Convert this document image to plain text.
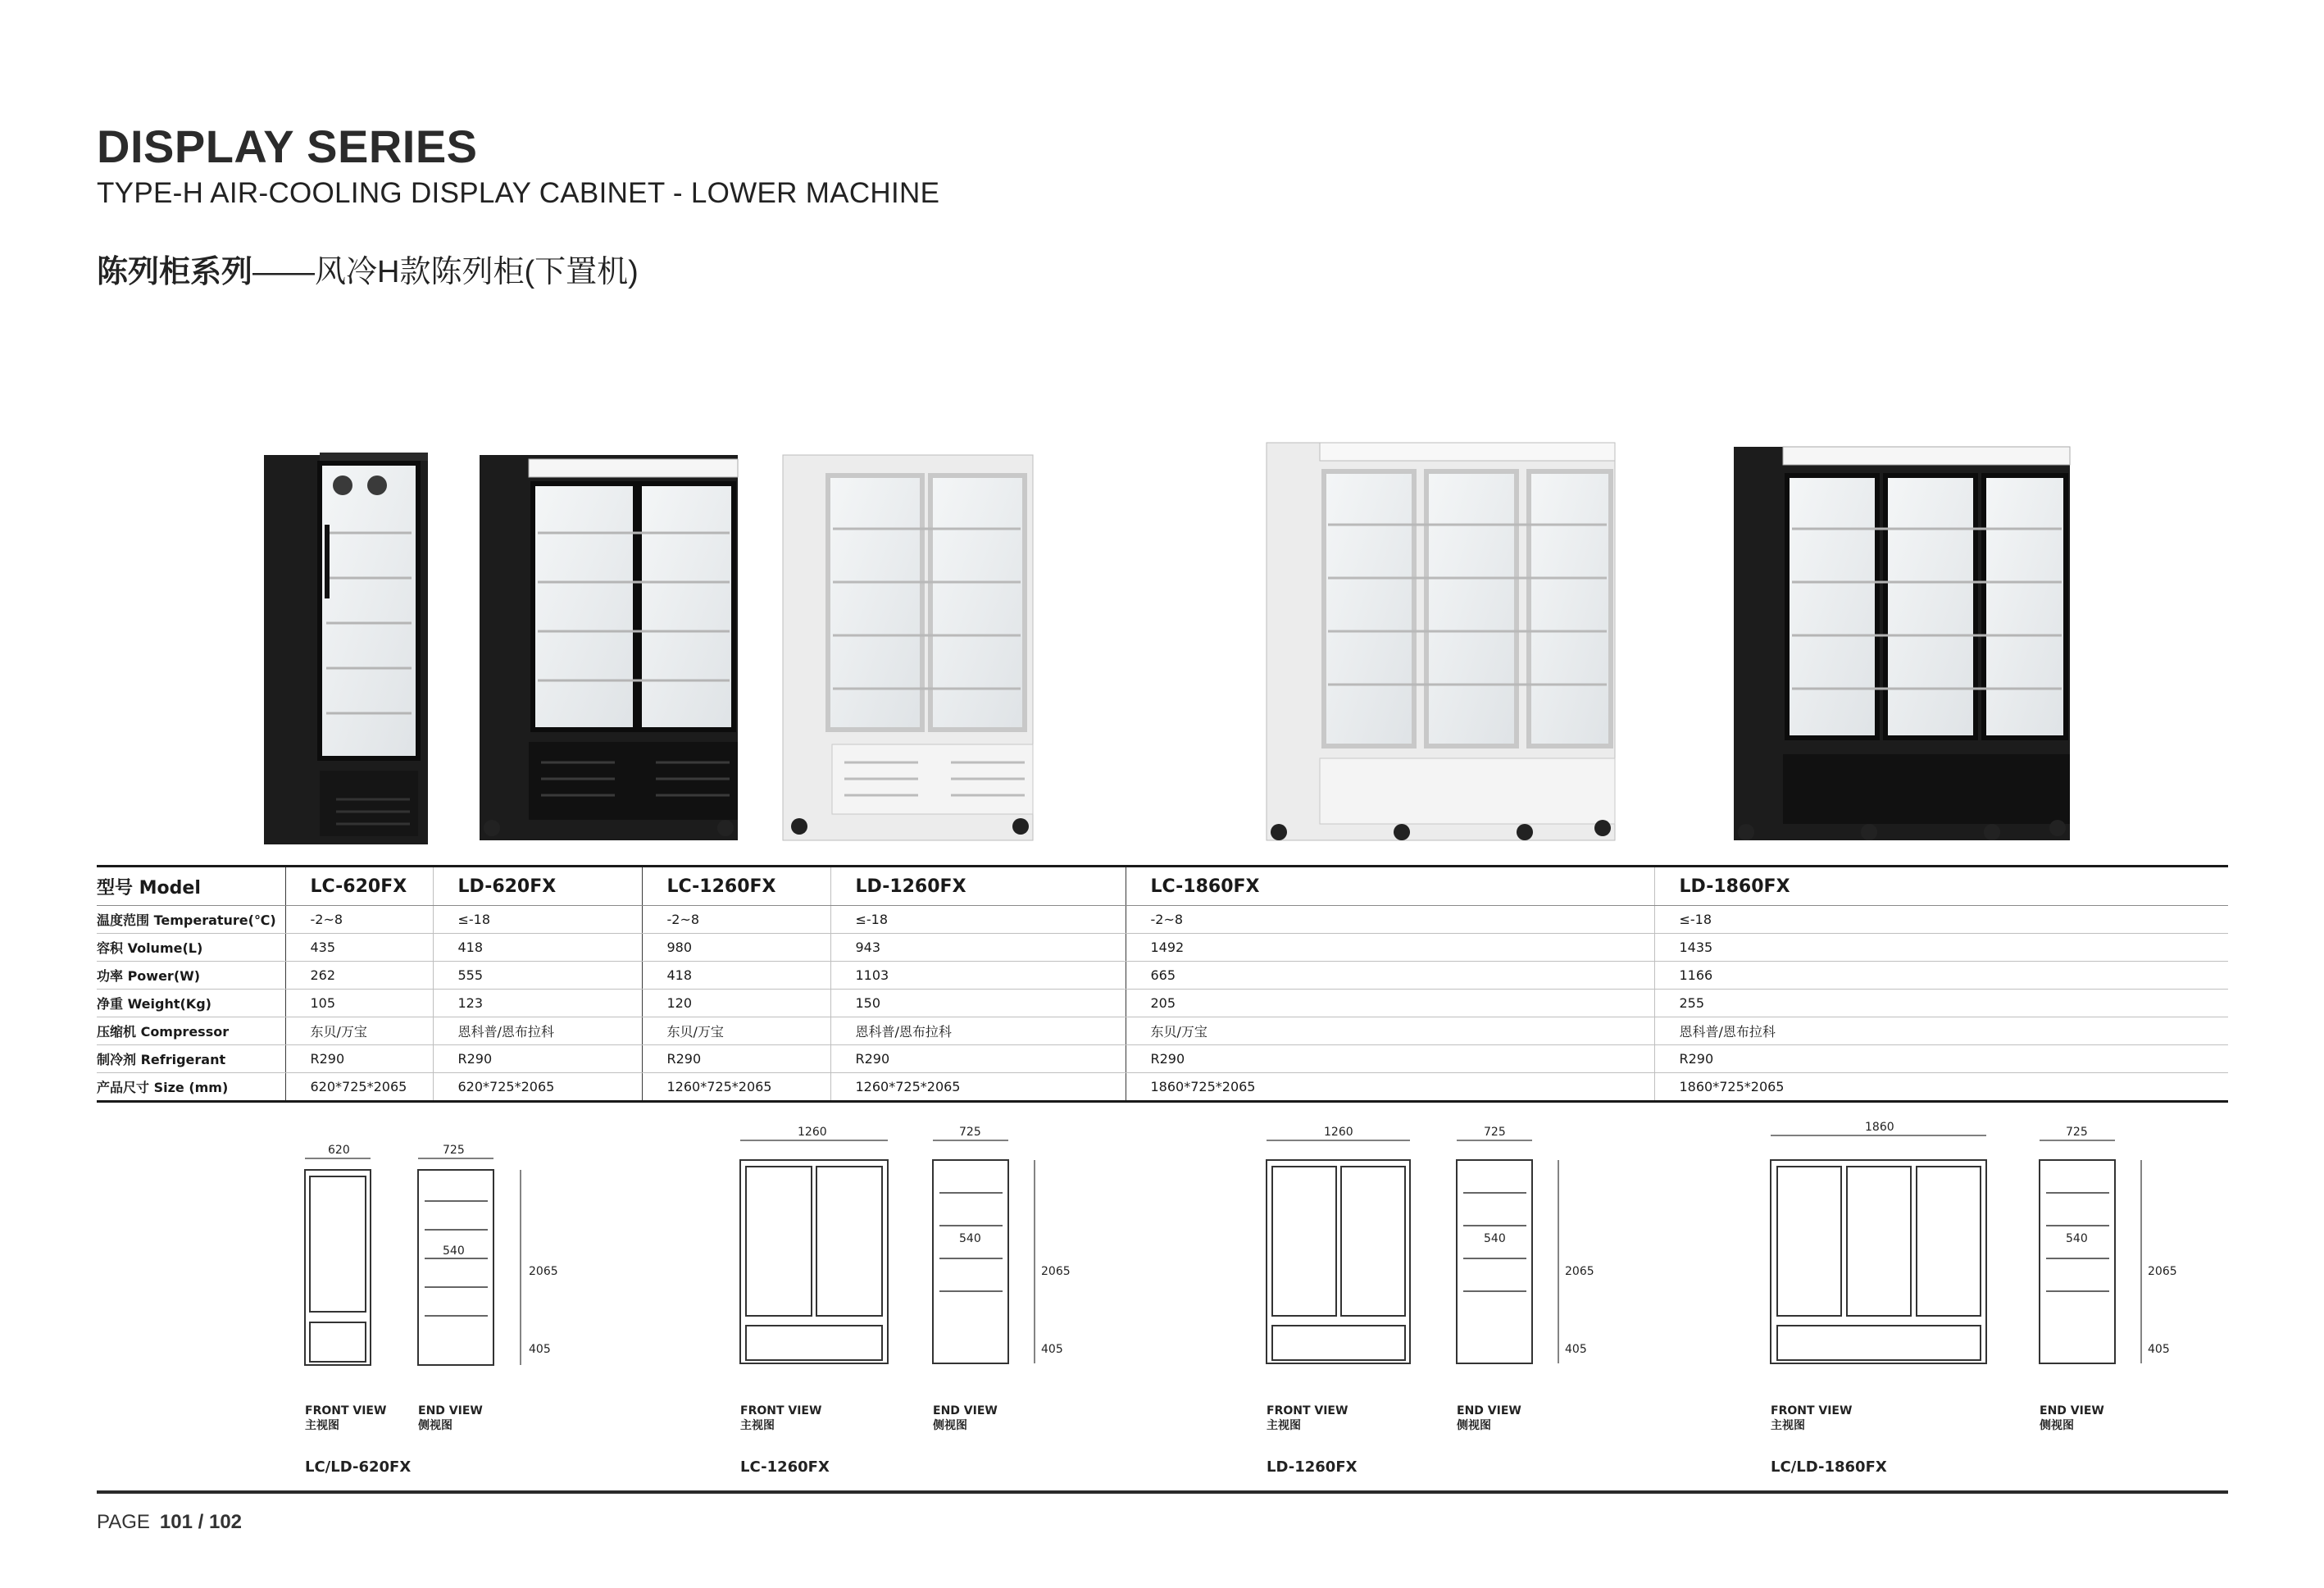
DISPLAY SERIES
TYPE-H AIR-COOLING DISPLAY CABINET - LOWER MACHINE
陈列柜系列——风冷H款陈列柜(下置机)
型号 Model	LC-620FX	LD-620FX	LC-1260FX	LD-1260FX	LC-1860FX	LD-1860FX
温度范围 Temperature(℃)	-2~8	≤-18	-2~8	≤-18	-2~8	≤-18
容积 Volume(L)	435	418	980	943	1492	1435
功率 Power(W)	262	555	418	1103	665	1166
净重 Weight(Kg)	105	123	120	150	205	255
压缩机 Compressor	东贝/万宝	恩科普/恩布拉科	东贝/万宝	恩科普/恩布拉科	东贝/万宝	恩科普/恩布拉科
制冷剂 Refrigerant	R290	R290	R290	R290	R290	R290
产品尺寸 Size (mm)	620*725*2065	620*725*2065	1260*725*2065	1260*725*2065	1860*725*2065	1860*725*2065
620	725
540
2065
405
1260	725
540
2065
405
1260	725
540
2065
405
1860	725
540
2065
405
FRONT VIEW
主视图
END VIEW
侧视图
FRONT VIEW
主视图
END VIEW
侧视图
FRONT VIEW
主视图
END VIEW
侧视图
FRONT VIEW
主视图
END VIEW
侧视图
LC/LD-620FX	LC-1260FX	LD-1260FX	LC/LD-1860FX
PAGE 101 / 102
